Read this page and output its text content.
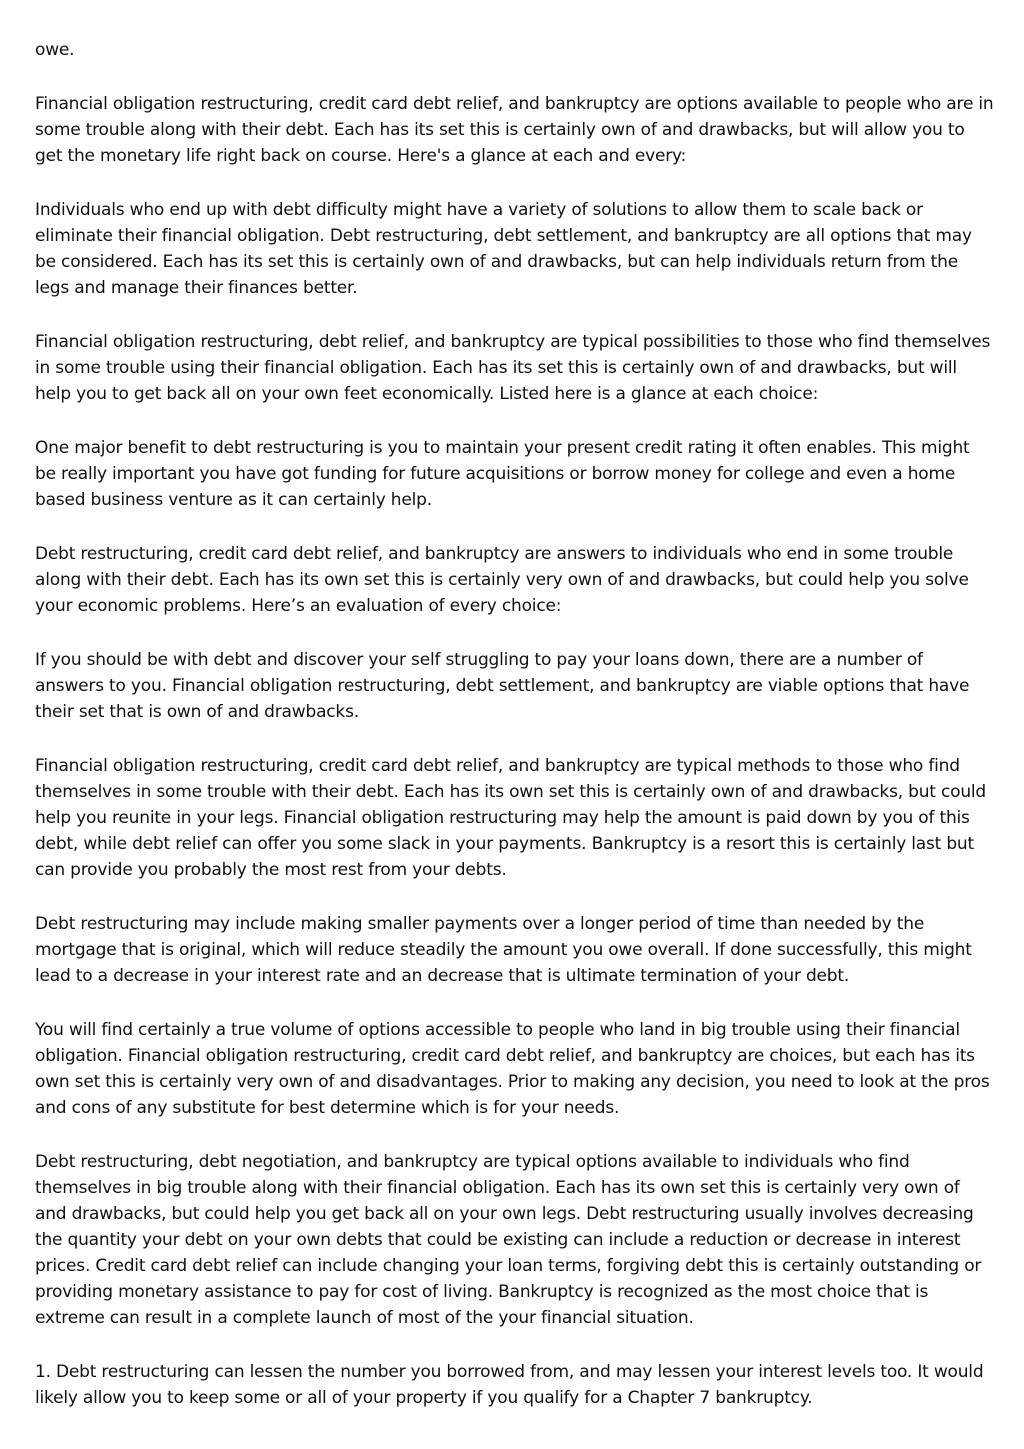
owe.

Financial obligation restructuring, credit card debt relief, and bankruptcy are options available to people who are in some trouble along with their debt. Each has its set this is certainly own of and drawbacks, but will allow you to get the monetary life right back on course. Here's a glance at each and every:

Individuals who end up with debt difficulty might have a variety of solutions to allow them to scale back or eliminate their financial obligation. Debt restructuring, debt settlement, and bankruptcy are all options that may be considered. Each has its set this is certainly own of and drawbacks, but can help individuals return from the legs and manage their finances better.

Financial obligation restructuring, debt relief, and bankruptcy are typical possibilities to those who find themselves in some trouble using their financial obligation. Each has its set this is certainly own of and drawbacks, but will help you to get back all on your own feet economically. Listed here is a glance at each choice:

One major benefit to debt restructuring is you to maintain your present credit rating it often enables. This might be really important you have got funding for future acquisitions or borrow money for college and even a home based business venture as it can certainly help.

Debt restructuring, credit card debt relief, and bankruptcy are answers to individuals who end in some trouble along with their debt. Each has its own set this is certainly very own of and drawbacks, but could help you solve your economic problems. Here’s an evaluation of every choice:

If you should be with debt and discover your self struggling to pay your loans down, there are a number of answers to you. Financial obligation restructuring, debt settlement, and bankruptcy are viable options that have their set that is own of and drawbacks.

Financial obligation restructuring, credit card debt relief, and bankruptcy are typical methods to those who find themselves in some trouble with their debt. Each has its own set this is certainly own of and drawbacks, but could help you reunite in your legs. Financial obligation restructuring may help the amount is paid down by you of this debt, while debt relief can offer you some slack in your payments. Bankruptcy is a resort this is certainly last but can provide you probably the most rest from your debts.

Debt restructuring may include making smaller payments over a longer period of time than needed by the mortgage that is original, which will reduce steadily the amount you owe overall. If done successfully, this might lead to a decrease in your interest rate and an decrease that is ultimate termination of your debt.

You will find certainly a true volume of options accessible to people who land in big trouble using their financial obligation. Financial obligation restructuring, credit card debt relief, and bankruptcy are choices, but each has its own set this is certainly very own of and disadvantages. Prior to making any decision, you need to look at the pros and cons of any substitute for best determine which is for your needs.

Debt restructuring, debt negotiation, and bankruptcy are typical options available to individuals who find themselves in big trouble along with their financial obligation. Each has its own set this is certainly very own of and drawbacks, but could help you get back all on your own legs. Debt restructuring usually involves decreasing the quantity your debt on your own debts that could be existing can include a reduction or decrease in interest prices. Credit card debt relief can include changing your loan terms, forgiving debt this is certainly outstanding or providing monetary assistance to pay for cost of living. Bankruptcy is recognized as the most choice that is extreme can result in a complete launch of most of the your financial situation.

1. Debt restructuring can lessen the number you borrowed from, and may lessen your interest levels too. It would likely allow you to keep some or all of your property if you qualify for a Chapter 7 bankruptcy.
